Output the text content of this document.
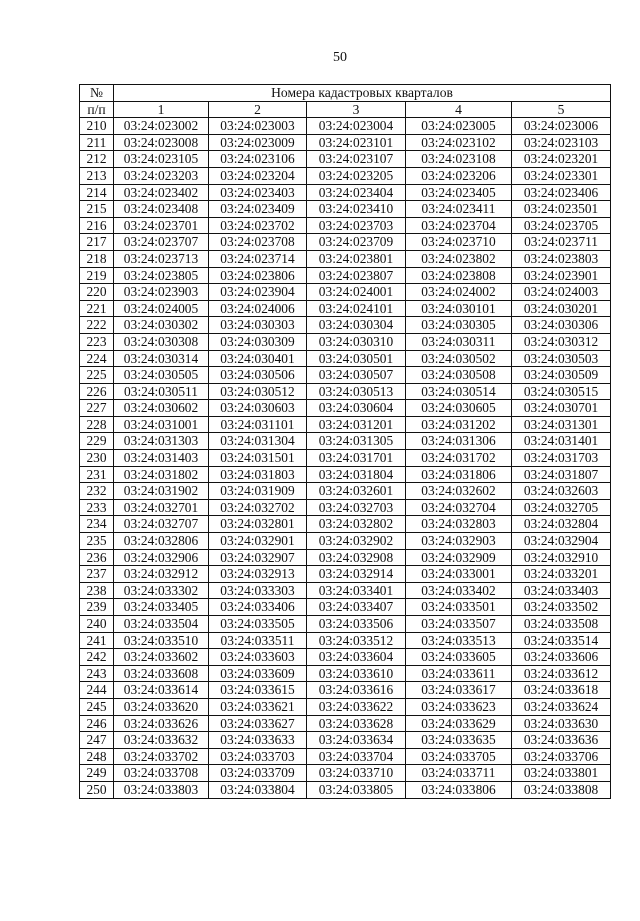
50
№	Номера кадастровых кварталов				
п/п	1	2	3	4	5
210	03:24:023002	03:24:023003	03:24:023004	03:24:023005	03:24:023006
211	03:24:023008	03:24:023009	03:24:023101	03:24:023102	03:24:023103
212	03:24:023105	03:24:023106	03:24:023107	03:24:023108	03:24:023201
213	03:24:023203	03:24:023204	03:24:023205	03:24:023206	03:24:023301
214	03:24:023402	03:24:023403	03:24:023404	03:24:023405	03:24:023406
215	03:24:023408	03:24:023409	03:24:023410	03:24:023411	03:24:023501
216	03:24:023701	03:24:023702	03:24:023703	03:24:023704	03:24:023705
217	03:24:023707	03:24:023708	03:24:023709	03:24:023710	03:24:023711
218	03:24:023713	03:24:023714	03:24:023801	03:24:023802	03:24:023803
219	03:24:023805	03:24:023806	03:24:023807	03:24:023808	03:24:023901
220	03:24:023903	03:24:023904	03:24:024001	03:24:024002	03:24:024003
221	03:24:024005	03:24:024006	03:24:024101	03:24:030101	03:24:030201
222	03:24:030302	03:24:030303	03:24:030304	03:24:030305	03:24:030306
223	03:24:030308	03:24:030309	03:24:030310	03:24:030311	03:24:030312
224	03:24:030314	03:24:030401	03:24:030501	03:24:030502	03:24:030503
225	03:24:030505	03:24:030506	03:24:030507	03:24:030508	03:24:030509
226	03:24:030511	03:24:030512	03:24:030513	03:24:030514	03:24:030515
227	03:24:030602	03:24:030603	03:24:030604	03:24:030605	03:24:030701
228	03:24:031001	03:24:031101	03:24:031201	03:24:031202	03:24:031301
229	03:24:031303	03:24:031304	03:24:031305	03:24:031306	03:24:031401
230	03:24:031403	03:24:031501	03:24:031701	03:24:031702	03:24:031703
231	03:24:031802	03:24:031803	03:24:031804	03:24:031806	03:24:031807
232	03:24:031902	03:24:031909	03:24:032601	03:24:032602	03:24:032603
233	03:24:032701	03:24:032702	03:24:032703	03:24:032704	03:24:032705
234	03:24:032707	03:24:032801	03:24:032802	03:24:032803	03:24:032804
235	03:24:032806	03:24:032901	03:24:032902	03:24:032903	03:24:032904
236	03:24:032906	03:24:032907	03:24:032908	03:24:032909	03:24:032910
237	03:24:032912	03:24:032913	03:24:032914	03:24:033001	03:24:033201
238	03:24:033302	03:24:033303	03:24:033401	03:24:033402	03:24:033403
239	03:24:033405	03:24:033406	03:24:033407	03:24:033501	03:24:033502
240	03:24:033504	03:24:033505	03:24:033506	03:24:033507	03:24:033508
241	03:24:033510	03:24:033511	03:24:033512	03:24:033513	03:24:033514
242	03:24:033602	03:24:033603	03:24:033604	03:24:033605	03:24:033606
243	03:24:033608	03:24:033609	03:24:033610	03:24:033611	03:24:033612
244	03:24:033614	03:24:033615	03:24:033616	03:24:033617	03:24:033618
245	03:24:033620	03:24:033621	03:24:033622	03:24:033623	03:24:033624
246	03:24:033626	03:24:033627	03:24:033628	03:24:033629	03:24:033630
247	03:24:033632	03:24:033633	03:24:033634	03:24:033635	03:24:033636
248	03:24:033702	03:24:033703	03:24:033704	03:24:033705	03:24:033706
249	03:24:033708	03:24:033709	03:24:033710	03:24:033711	03:24:033801
250	03:24:033803	03:24:033804	03:24:033805	03:24:033806	03:24:033808
